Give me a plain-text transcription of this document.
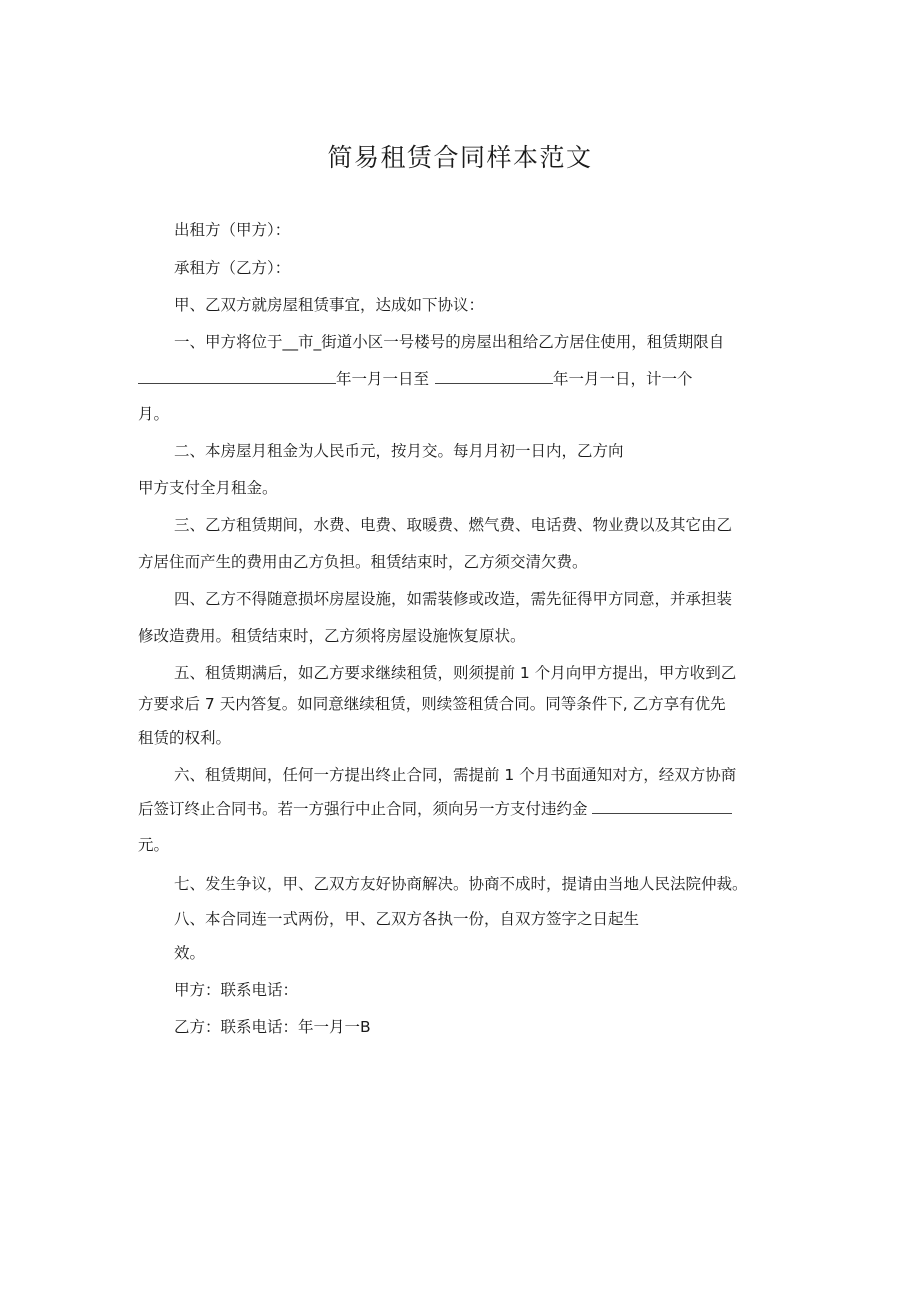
简易租赁合同样本范文
出租方（甲方）：
承租方（乙方）：
甲、乙双方就房屋租赁事宜，达成如下协议：
一、甲方将位于__市_街道小区一号楼号的房屋出租给乙方居住使用，租赁期限自
年一月一日至	年一月一日，计一个
月。
二、本房屋月租金为人民币元，按月交。每月月初一日内，乙方向
甲方支付全月租金。
三、乙方租赁期间，水费、电费、取暖费、燃气费、电话费、物业费以及其它由乙
方居住而产生的费用由乙方负担。租赁结束时，乙方须交清欠费。
四、乙方不得随意损坏房屋设施，如需装修或改造，需先征得甲方同意，并承担装
修改造费用。租赁结束时，乙方须将房屋设施恢复原状。
五、租赁期满后，如乙方要求继续租赁，则须提前 1 个月向甲方提出，甲方收到乙
方要求后 7 天内答复。如同意继续租赁，则续签租赁合同。同等条件下, 乙方享有优先
租赁的权利。
六、租赁期间，任何一方提出终止合同，需提前 1 个月书面通知对方，经双方协商
后签订终止合同书。若一方强行中止合同，须向另一方支付违约金
元。
七、发生争议，甲、乙双方友好协商解决。协商不成时，提请由当地人民法院仲裁。
八、本合同连一式两份，甲、乙双方各执一份，自双方签字之日起生
效。
甲方：联系电话：
乙方：联系电话：年一月一B
